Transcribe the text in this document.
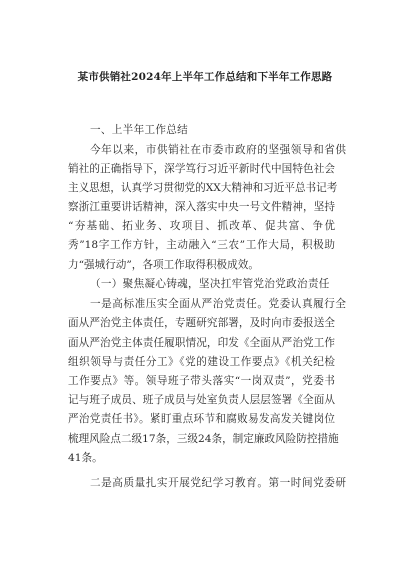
某市供销社2024年上半年工作总结和下半年工作思路
一、上半年工作总结
今年以来，市供销社在市委市政府的坚强领导和省供
销社的正确指导下，深学笃行习近平新时代中国特色社会
主义思想，认真学习贯彻党的XX大精神和习近平总书记考
察浙江重要讲话精神，深入落实中央一号文件精神，坚持
“夯基础、拓业务、攻项目、抓改革、促共富、争优
秀”18字工作方针，主动融入“三农”工作大局，积极助
力“强城行动”，各项工作取得积极成效。
（一）聚焦凝心铸魂，坚决扛牢管党治党政治责任
一是高标准压实全面从严治党责任。党委认真履行全
面从严治党主体责任，专题研究部署，及时向市委报送全
面从严治党主体责任履职情况，印发《全面从严治党工作
组织领导与责任分工》《党的建设工作要点》《机关纪检
工作要点》等。领导班子带头落实“一岗双责”，党委书
记与班子成员、班子成员与处室负责人层层签署《全面从
严治党责任书》。紧盯重点环节和腐败易发高发关键岗位
梳理风险点二级17条，三级24条，制定廉政风险防控措施
41条。
二是高质量扎实开展党纪学习教育。第一时间党委研
